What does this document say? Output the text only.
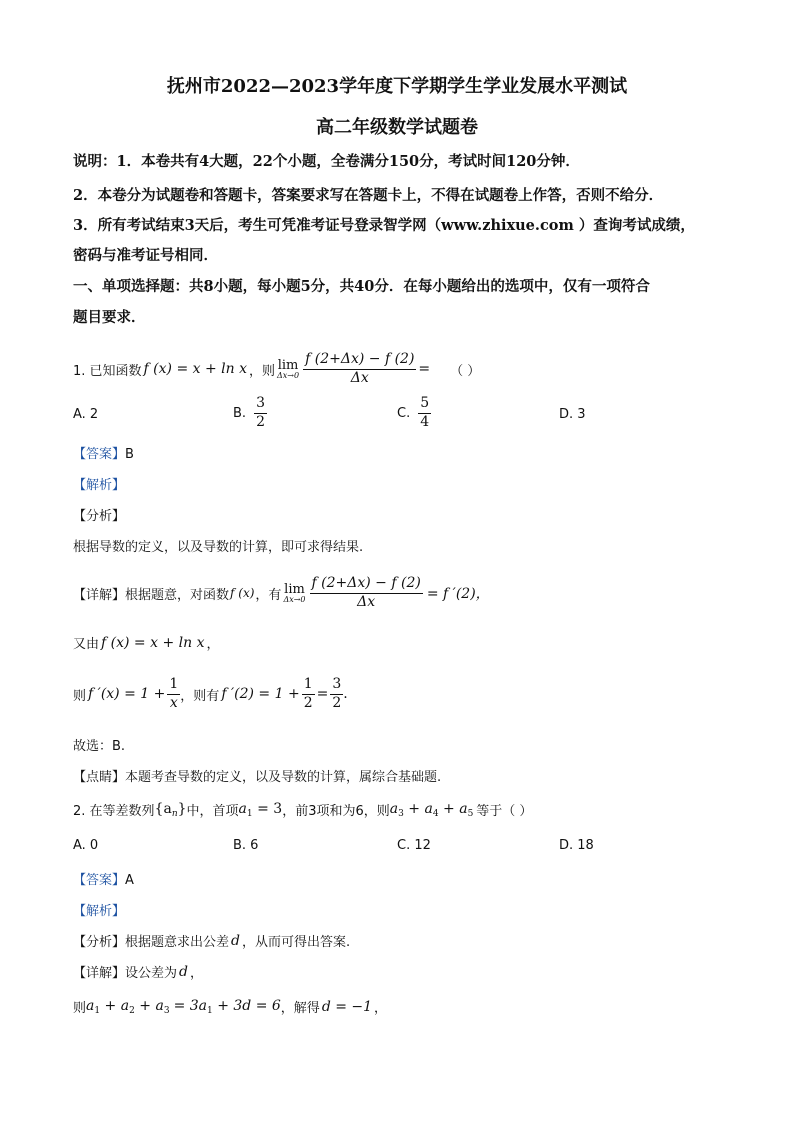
抚州市2022—2023学年度下学期学生学业发展水平测试
高二年级数学试题卷
说明：1．本卷共有4大题，22个小题，全卷满分150分，考试时间120分钟．
2．本卷分为试题卷和答题卡，答案要求写在答题卡上，不得在试题卷上作答，否则不给分．
3．所有考试结束3天后，考生可凭准考证号登录智学网（www.zhixue.com ）查询考试成绩，
密码与准考证号相同．
一、单项选择题：共8小题，每小题5分，共40分．在每小题给出的选项中，仅有一项符合
题目要求．
1. 已知函数 f (x) = x + ln x ，则 lim
$\Delta x\to 0 \frac{f (2+\Delta x) - f (2)}{\Delta x}$ = （ ）
A. 2	B. $\frac{3}{2}$	C. $\frac{5}{4}$	D. 3
【答案】B
【解析】
【分析】
根据导数的定义，以及导数的计算，即可求得结果.
【详解】 根据题意，对函数 f (x) ，有 lim
$\Delta x\to 0 \frac{f (2+\Delta x) - f (2)}{\Delta x} = f$ ′(2)，
又由 f (x) = x + ln x ，
则 f $'(x) = 1 + \frac{1}{x}$ ，则有 f $'(2) = 1 + \frac{1}{2} = \frac{3}{2}$ .
故选：B.
【点睛】本题考查导数的定义，以及导数的计算，属综合基础题.
2. 在等差数列 $\{a_n\}$ 中，首项 $a_1 = 3$ ，前3项和为6，则 $a_3 + a_4 + a_5$ 等于（ ）
A. 0	B. 6	C. 12	D. 18
【答案】A
【解析】
【分析】 根据题意求出公差 d ，从而可得出答案.
【详解】 设公差为 d ，
则 $a_1 + a_2 + a_3 = 3a_1 + 3d = 6$ ，解得 d = −1 ，
